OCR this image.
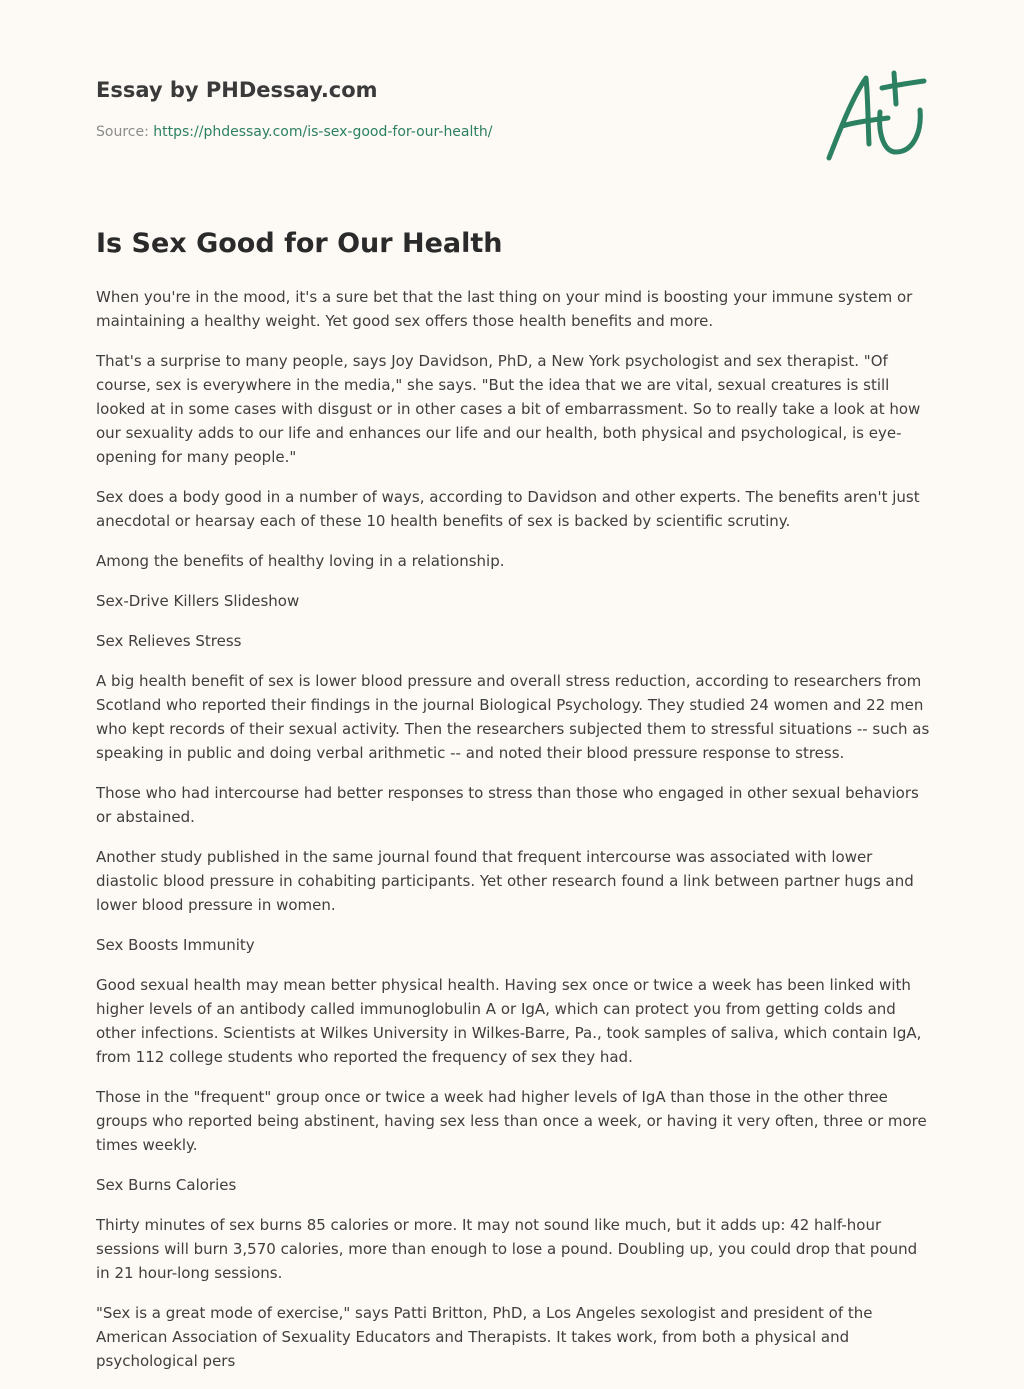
Essay by PHDessay.com

Source: https://phdessay.com/is-sex-good-for-our-health/
Is Sex Good for Our Health

When you're in the mood, it's a sure bet that the last thing on your mind is boosting your immune system or maintaining a healthy weight. Yet good sex offers those health benefits and more.

That's a surprise to many people, says Joy Davidson, PhD, a New York psychologist and sex therapist. "Of course, sex is everywhere in the media," she says. "But the idea that we are vital, sexual creatures is still looked at in some cases with disgust or in other cases a bit of embarrassment. So to really take a look at how our sexuality adds to our life and enhances our life and our health, both physical and psychological, is eye-opening for many people."

Sex does a body good in a number of ways, according to Davidson and other experts. The benefits aren't just anecdotal or hearsay each of these 10 health benefits of sex is backed by scientific scrutiny.

Among the benefits of healthy loving in a relationship.

Sex-Drive Killers Slideshow

Sex Relieves Stress

A big health benefit of sex is lower blood pressure and overall stress reduction, according to researchers from Scotland who reported their findings in the journal Biological Psychology. They studied 24 women and 22 men who kept records of their sexual activity. Then the researchers subjected them to stressful situations -- such as speaking in public and doing verbal arithmetic -- and noted their blood pressure response to stress.

Those who had intercourse had better responses to stress than those who engaged in other sexual behaviors or abstained.

Another study published in the same journal found that frequent intercourse was associated with lower diastolic blood pressure in cohabiting participants. Yet other research found a link between partner hugs and lower blood pressure in women.

Sex Boosts Immunity

Good sexual health may mean better physical health. Having sex once or twice a week has been linked with higher levels of an antibody called immunoglobulin A or IgA, which can protect you from getting colds and other infections. Scientists at Wilkes University in Wilkes-Barre, Pa., took samples of saliva, which contain IgA, from 112 college students who reported the frequency of sex they had.

Those in the "frequent" group once or twice a week had higher levels of IgA than those in the other three groups who reported being abstinent, having sex less than once a week, or having it very often, three or more times weekly.

Sex Burns Calories

Thirty minutes of sex burns 85 calories or more. It may not sound like much, but it adds up: 42 half-hour sessions will burn 3,570 calories, more than enough to lose a pound. Doubling up, you could drop that pound in 21 hour-long sessions.

"Sex is a great mode of exercise," says Patti Britton, PhD, a Los Angeles sexologist and president of the American Association of Sexuality Educators and Therapists. It takes work, from both a physical and psychological pers
